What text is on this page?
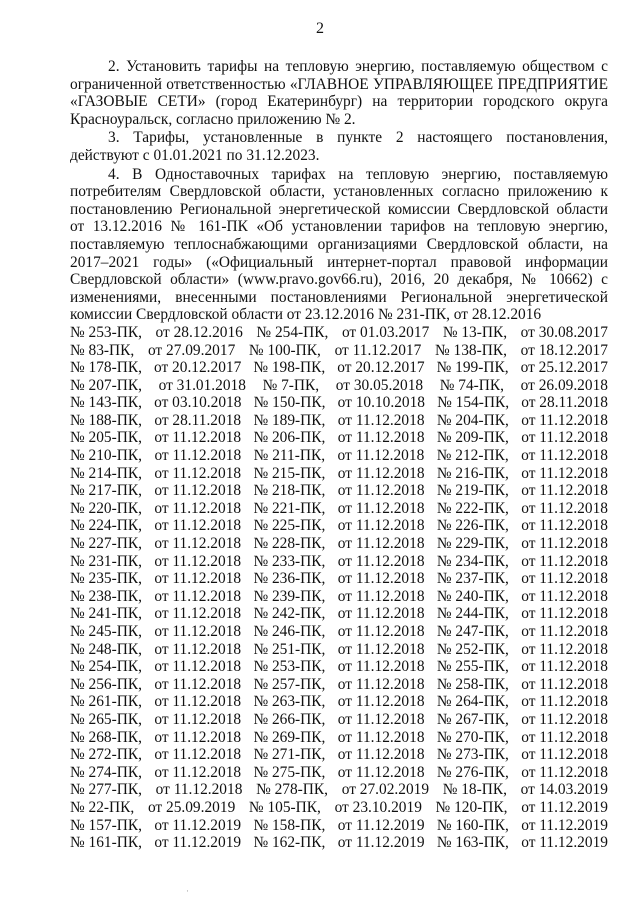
2

2. Установить тарифы на тепловую энергию, поставляемую обществом с ограниченной ответственностью «ГЛАВНОЕ УПРАВЛЯЮЩЕЕ ПРЕДПРИЯТИЕ «ГАЗОВЫЕ СЕТИ» (город Екатеринбург) на территории городского округа Красноуральск, согласно приложению № 2.

3. Тарифы, установленные в пункте 2 настоящего постановления, действуют с 01.01.2021 по 31.12.2023.

4. В Одноставочных тарифах на тепловую энергию, поставляемую потребителям Свердловской области, установленных согласно приложению к постановлению Региональной энергетической комиссии Свердловской области от 13.12.2016 № 161-ПК «Об установлении тарифов на тепловую энергию, поставляемую теплоснабжающими организациями Свердловской области, на 2017–2021 годы» («Официальный интернет-портал правовой информации Свердловской области» (www.pravo.gov66.ru), 2016, 20 декабря, № 10662) с изменениями, внесенными постановлениями Региональной энергетической комиссии Свердловской области от 23.12.2016 № 231-ПК, от 28.12.2016

№ 253-ПК, от 28.12.2016 № 254-ПК, от 01.03.2017 № 13-ПК, от 30.08.2017
№ 83-ПК, от 27.09.2017 № 100-ПК, от 11.12.2017 № 138-ПК, от 18.12.2017
№ 178-ПК, от 20.12.2017 № 198-ПК, от 20.12.2017 № 199-ПК, от 25.12.2017
№ 207-ПК, от 31.01.2018 № 7-ПК, от 30.05.2018 № 74-ПК, от 26.09.2018
№ 143-ПК, от 03.10.2018 № 150-ПК, от 10.10.2018 № 154-ПК, от 28.11.2018
№ 188-ПК, от 28.11.2018 № 189-ПК, от 11.12.2018 № 204-ПК, от 11.12.2018
№ 205-ПК, от 11.12.2018 № 206-ПК, от 11.12.2018 № 209-ПК, от 11.12.2018
№ 210-ПК, от 11.12.2018 № 211-ПК, от 11.12.2018 № 212-ПК, от 11.12.2018
№ 214-ПК, от 11.12.2018 № 215-ПК, от 11.12.2018 № 216-ПК, от 11.12.2018
№ 217-ПК, от 11.12.2018 № 218-ПК, от 11.12.2018 № 219-ПК, от 11.12.2018
№ 220-ПК, от 11.12.2018 № 221-ПК, от 11.12.2018 № 222-ПК, от 11.12.2018
№ 224-ПК, от 11.12.2018 № 225-ПК, от 11.12.2018 № 226-ПК, от 11.12.2018
№ 227-ПК, от 11.12.2018 № 228-ПК, от 11.12.2018 № 229-ПК, от 11.12.2018
№ 231-ПК, от 11.12.2018 № 233-ПК, от 11.12.2018 № 234-ПК, от 11.12.2018
№ 235-ПК, от 11.12.2018 № 236-ПК, от 11.12.2018 № 237-ПК, от 11.12.2018
№ 238-ПК, от 11.12.2018 № 239-ПК, от 11.12.2018 № 240-ПК, от 11.12.2018
№ 241-ПК, от 11.12.2018 № 242-ПК, от 11.12.2018 № 244-ПК, от 11.12.2018
№ 245-ПК, от 11.12.2018 № 246-ПК, от 11.12.2018 № 247-ПК, от 11.12.2018
№ 248-ПК, от 11.12.2018 № 251-ПК, от 11.12.2018 № 252-ПК, от 11.12.2018
№ 254-ПК, от 11.12.2018 № 253-ПК, от 11.12.2018 № 255-ПК, от 11.12.2018
№ 256-ПК, от 11.12.2018 № 257-ПК, от 11.12.2018 № 258-ПК, от 11.12.2018
№ 261-ПК, от 11.12.2018 № 263-ПК, от 11.12.2018 № 264-ПК, от 11.12.2018
№ 265-ПК, от 11.12.2018 № 266-ПК, от 11.12.2018 № 267-ПК, от 11.12.2018
№ 268-ПК, от 11.12.2018 № 269-ПК, от 11.12.2018 № 270-ПК, от 11.12.2018
№ 272-ПК, от 11.12.2018 № 271-ПК, от 11.12.2018 № 273-ПК, от 11.12.2018
№ 274-ПК, от 11.12.2018 № 275-ПК, от 11.12.2018 № 276-ПК, от 11.12.2018
№ 277-ПК, от 11.12.2018 № 278-ПК, от 27.02.2019 № 18-ПК, от 14.03.2019
№ 22-ПК, от 25.09.2019 № 105-ПК, от 23.10.2019 № 120-ПК, от 11.12.2019
№ 157-ПК, от 11.12.2019 № 158-ПК, от 11.12.2019 № 160-ПК, от 11.12.2019
№ 161-ПК, от 11.12.2019 № 162-ПК, от 11.12.2019 № 163-ПК, от 11.12.2019
·
